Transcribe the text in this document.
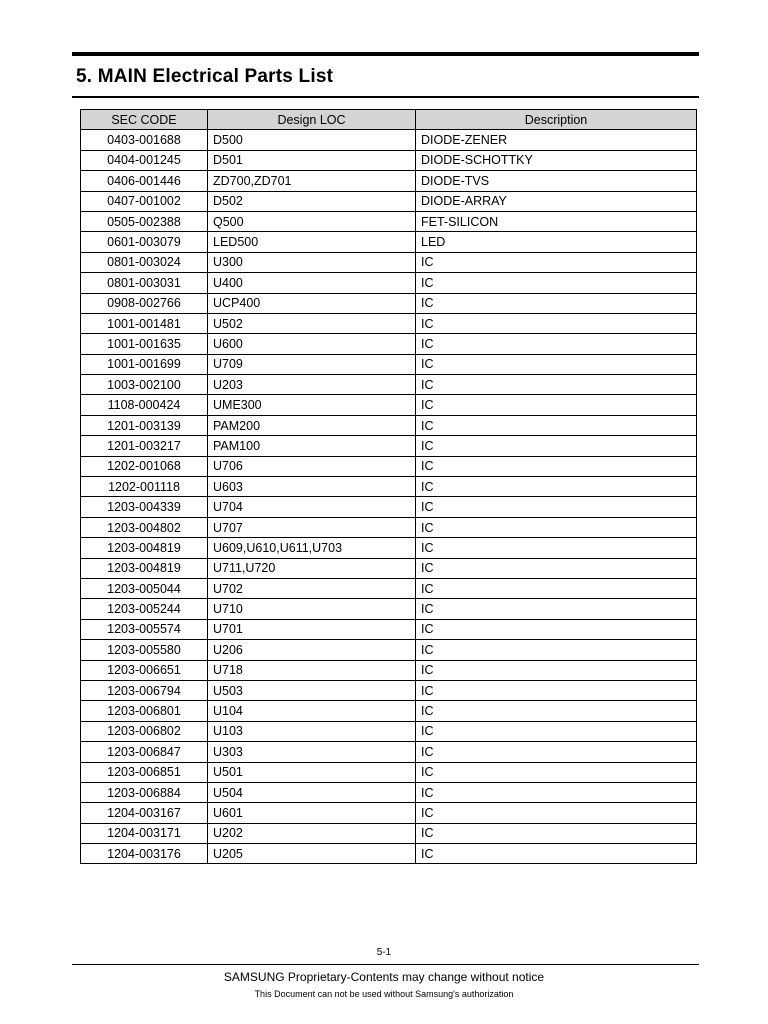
5. MAIN Electrical Parts List
SEC CODE	Design LOC	Description
0403-001688	D500	DIODE-ZENER
0404-001245	D501	DIODE-SCHOTTKY
0406-001446	ZD700,ZD701	DIODE-TVS
0407-001002	D502	DIODE-ARRAY
0505-002388	Q500	FET-SILICON
0601-003079	LED500	LED
0801-003024	U300	IC
0801-003031	U400	IC
0908-002766	UCP400	IC
1001-001481	U502	IC
1001-001635	U600	IC
1001-001699	U709	IC
1003-002100	U203	IC
1108-000424	UME300	IC
1201-003139	PAM200	IC
1201-003217	PAM100	IC
1202-001068	U706	IC
1202-001118	U603	IC
1203-004339	U704	IC
1203-004802	U707	IC
1203-004819	U609,U610,U611,U703	IC
1203-004819	U711,U720	IC
1203-005044	U702	IC
1203-005244	U710	IC
1203-005574	U701	IC
1203-005580	U206	IC
1203-006651	U718	IC
1203-006794	U503	IC
1203-006801	U104	IC
1203-006802	U103	IC
1203-006847	U303	IC
1203-006851	U501	IC
1203-006884	U504	IC
1204-003167	U601	IC
1204-003171	U202	IC
1204-003176	U205	IC
5-1
SAMSUNG Proprietary-Contents may change without notice
This Document can not be used without Samsung's authorization
